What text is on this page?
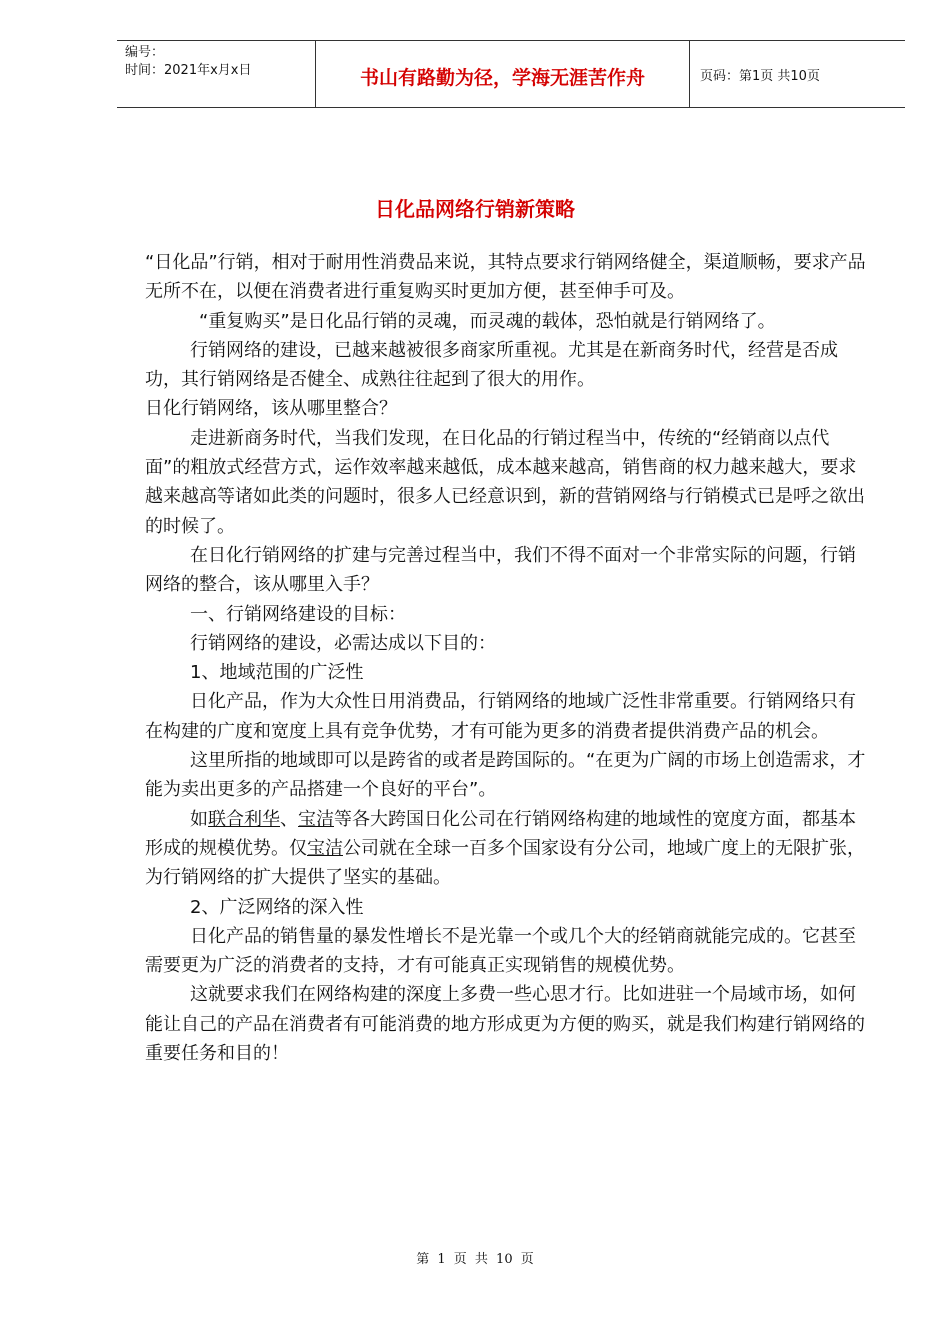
编号：
时间：2021年x月x日	书山有路勤为径，学海无涯苦作舟	页码：第1页 共10页
日化品网络行销新策略

“日化品”行销，相对于耐用性消费品来说，其特点要求行销网络健全，渠道顺畅，要求产品无所不在，以便在消费者进行重复购买时更加方便，甚至伸手可及。

“重复购买”是日化品行销的灵魂，而灵魂的载体，恐怕就是行销网络了。

行销网络的建设，已越来越被很多商家所重视。尤其是在新商务时代，经营是否成功，其行销网络是否健全、成熟往往起到了很大的用作。

日化行销网络，该从哪里整合？

走进新商务时代，当我们发现，在日化品的行销过程当中，传统的“经销商以点代面”的粗放式经营方式，运作效率越来越低，成本越来越高，销售商的权力越来越大，要求越来越高等诸如此类的问题时，很多人已经意识到，新的营销网络与行销模式已是呼之欲出的时候了。

在日化行销网络的扩建与完善过程当中，我们不得不面对一个非常实际的问题，行销网络的整合，该从哪里入手？

一、行销网络建设的目标：

行销网络的建设，必需达成以下目的：

1、地域范围的广泛性

日化产品，作为大众性日用消费品，行销网络的地域广泛性非常重要。行销网络只有在构建的广度和宽度上具有竞争优势，才有可能为更多的消费者提供消费产品的机会。

这里所指的地域即可以是跨省的或者是跨国际的。“在更为广阔的市场上创造需求，才能为卖出更多的产品搭建一个良好的平台”。

如联合利华、宝洁等各大跨国日化公司在行销网络构建的地域性的宽度方面，都基本形成的规模优势。仅宝洁公司就在全球一百多个国家设有分公司，地域广度上的无限扩张，为行销网络的扩大提供了坚实的基础。

2、广泛网络的深入性

日化产品的销售量的暴发性增长不是光靠一个或几个大的经销商就能完成的。它甚至需要更为广泛的消费者的支持，才有可能真正实现销售的规模优势。

这就要求我们在网络构建的深度上多费一些心思才行。比如进驻一个局域市场，如何能让自己的产品在消费者有可能消费的地方形成更为方便的购买，就是我们构建行销网络的重要任务和目的！

第 1 页 共 10 页
